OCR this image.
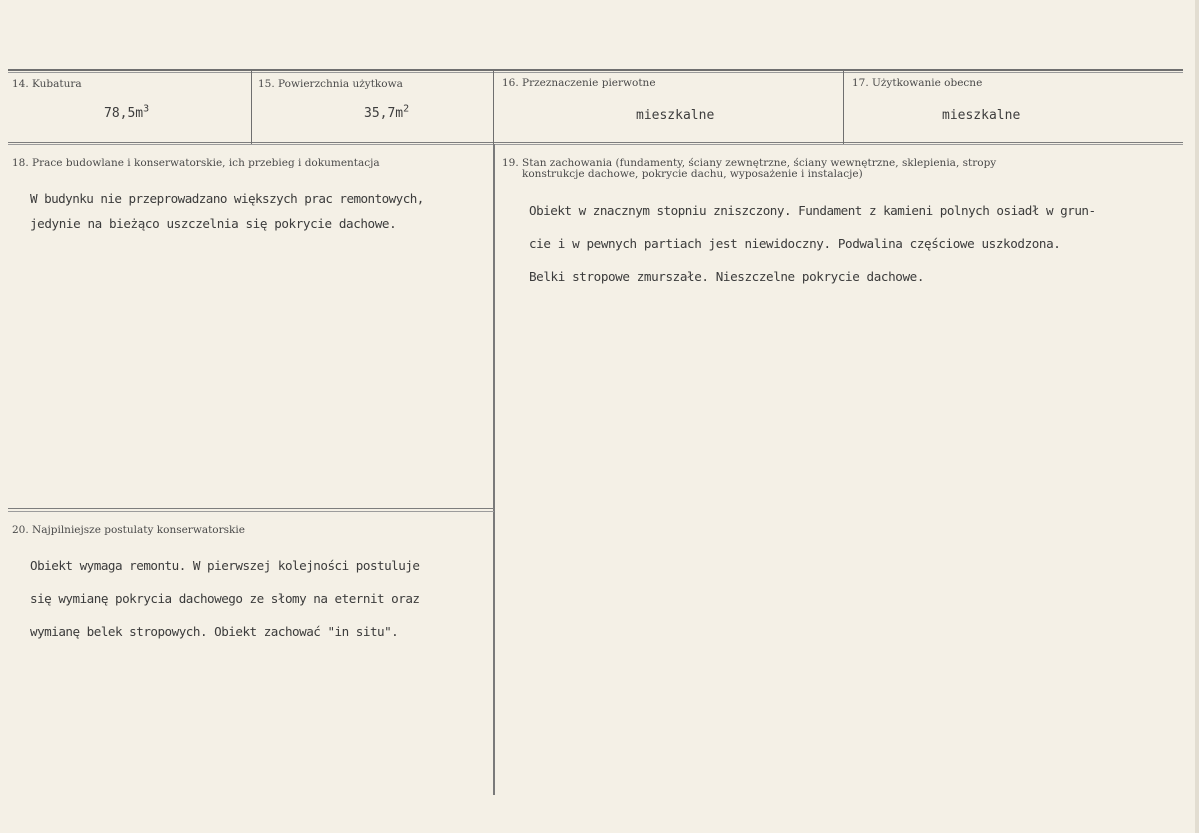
14. Kubatura
$78,5m^3$
15. Powierzchnia użytkowa
$35,7m^2$
16. Przeznaczenie pierwotne
mieszkalne
17. Użytkowanie obecne
mieszkalne
18. Prace budowlane i konserwatorskie, ich przebieg i dokumentacja
W budynku nie przeprowadzano większych prac remontowych,
jedynie na bieżąco uszczelnia się pokrycie dachowe.
19. Stan zachowania (fundamenty, ściany zewnętrzne, ściany wewnętrzne, sklepienia, stropy
konstrukcje dachowe, pokrycie dachu, wyposażenie i instalacje)
Obiekt w znacznym stopniu zniszczony. Fundament z kamieni polnych osiadł w grun-
cie i w pewnych partiach jest niewidoczny. Podwalina częściowe uszkodzona.
Belki stropowe zmurszałe. Nieszczelne pokrycie dachowe.
20. Najpilniejsze postulaty konserwatorskie
Obiekt wymaga remontu. W pierwszej kolejności postuluje
się wymianę pokrycia dachowego ze słomy na eternit oraz
wymianę belek stropowych. Obiekt zachować "in situ".
